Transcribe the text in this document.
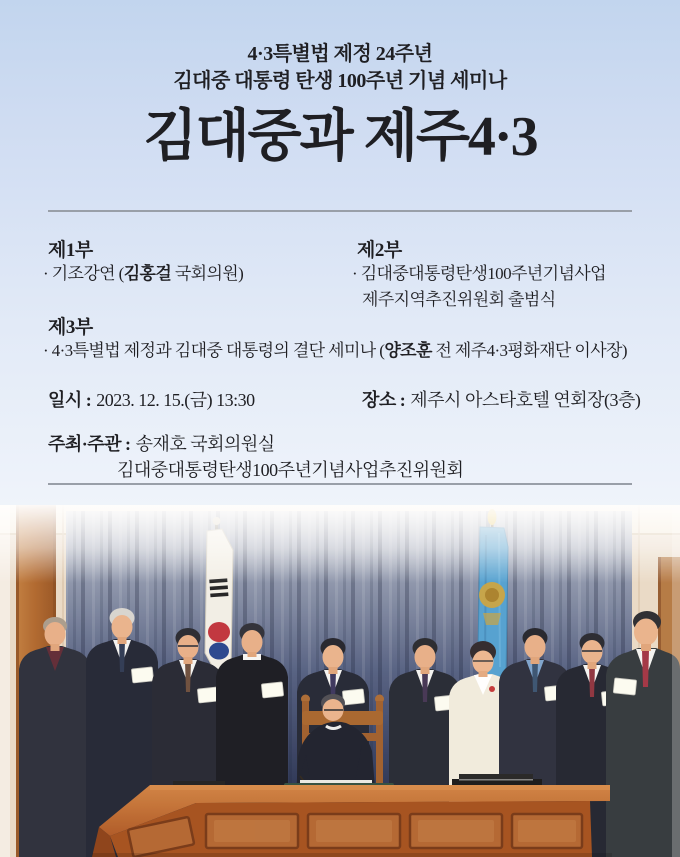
4·3특별법 제정 24주년
김대중 대통령 탄생 100주년 기념 세미나
김대중과 제주4·3
제1부
· 기조강연 (김홍걸 국회의원)
제2부
· 김대중대통령탄생100주년기념사업
제주지역추진위원회 출범식
제3부
· 4·3특별법 제정과 김대중 대통령의 결단 세미나 (양조훈 전 제주4·3평화재단 이사장)
일시 : 2023. 12. 15.(금) 13:30	장소 : 제주시 아스타호텔 연회장(3층)
주최·주관 : 송재호 국회의원실
김대중대통령탄생100주년기념사업추진위원회
